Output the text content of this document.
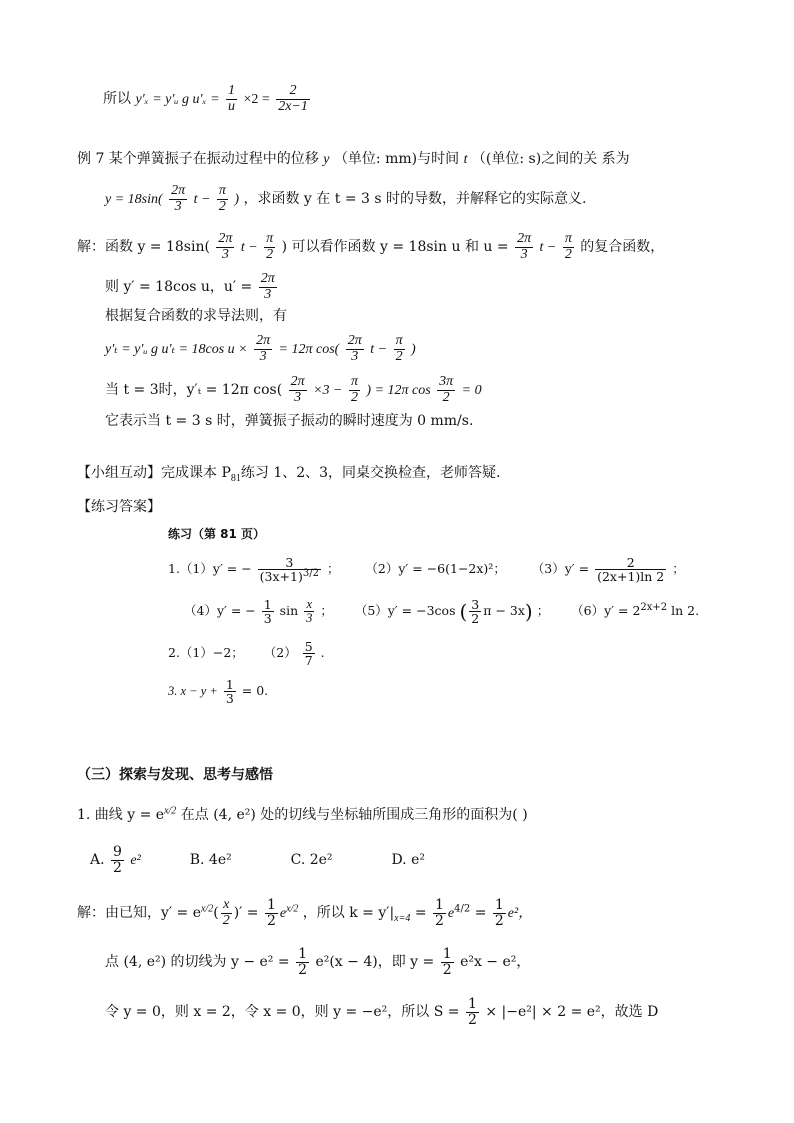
所以 y′ₓ = y′ᵤ g $u'_x = \frac{1}{u} \times 2 = \frac{2}{2x-1}$
例 7 某个弹簧振子在振动过程中的位移 y （单位: mm)与时间 t （(单位: s)之间的关 系为
$y = 18\sin( \frac{2\pi}{3}$ $t - \frac{\pi}{2}$ ) ，求函数 y 在 t = 3 s 时的导数，并解释它的实际意义.
解：函数 $y = 18\sin( \frac{2\pi}{3}$ $t - \frac{\pi}{2}$ ) 可以看作函数 y = 18sin u 和 $u = \frac{2\pi}{3}$ $t - \frac{\pi}{2}$ 的复合函数，
则 y′ = 18cos u，$u' = \frac{2\pi}{3}$
根据复合函数的求导法则，有
y′ₜ = y′ᵤ g u′ₜ = 18cos $u \times \frac{2\pi}{3} = 12\pi$ $\cos( \frac{2\pi}{3}$ $t - \frac{\pi}{2}$ )
当 t = 3时，y′ₜ = 12π $\cos( \frac{2\pi}{3} \times 3 - \frac{\pi}{2}$ ) = 12π $\cos \frac{3\pi}{2} = 0$
它表示当 t = 3 s 时，弹簧振子振动的瞬时速度为 0 mm/s.
【小组互动】完成课本 $P_{81}$练习 1、2、3，同桌交换检查，老师答疑.
【练习答案】
练习（第 81 页）
1.（1）y′ = − $\frac{3}{(3x+1)^{3/2}}$ ； （2）y′ = −6(1−2x)²； $(3)y' = \frac{2}{(2x+1)\ln 2}$ ；
（4）y′ = − $\frac{1}{3}$ $\sin \frac{x}{3}$ ； （5）y′ = −3cos ( $\frac{3}{2}$ π − 3x) ； $(6)y' = 2^{2x+2}$ ln 2.
2.（1）−2； $(2) \frac{5}{7}$ .
3. $x - y + \frac{1}{3} = 0$.
（三）探索与发现、思考与感悟
1. 曲线 $y = e^{x/2}$ 在点 (4, e²) 处的切线与坐标轴所围成三角形的面积为( )
A. $\frac{9}{2} e^2$	B. 4e²	C. 2e²	D. e²
解：由已知，$y' = e^{x/2}( \frac{x}{2}$ )′ = $\frac{1}{2} e^{x/2}$ ，所以 $k = y'|_{x=4} = \frac{1}{2} e^{4/2} = \frac{1}{2} e^2$，
点 (4, e²) 的切线为 $y - e^2 = \frac{1}{2} e^2(x - 4)$，即 $y = \frac{1}{2} e^2x - e^2$，
令 y = 0，则 x = 2，令 x = 0，则 y = −e²，所以 $S = \frac{1}{2} \times |-e^2| \times 2 = e^2$，故选 D
